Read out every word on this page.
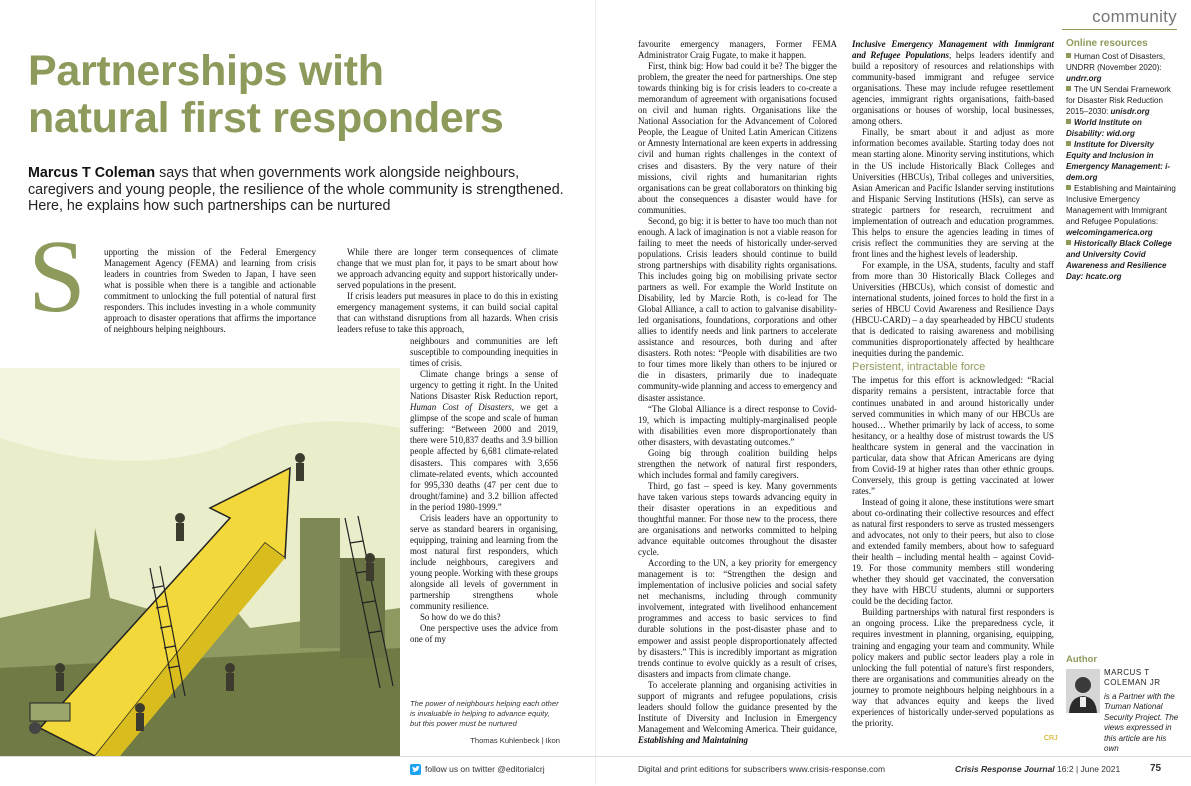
Partnerships with
natural first responders
Marcus T Coleman says that when governments work alongside neighbours, caregivers and young people, the resilience of the whole community is strengthened. Here, he explains how such partnerships can be nurtured
S upporting the mission of the Federal Emergency Management Agency (FEMA) and learning from crisis leaders in countries from Sweden to Japan, I have seen what is possible when there is a tangible and actionable commitment to unlocking the full potential of natural first responders. This includes investing in a whole community approach to disaster operations that affirms the importance of neighbours helping neighbours.

While there are longer term consequences of climate change that we must plan for, it pays to be smart about how we approach advancing equity and support historically under-served populations in the present.

If crisis leaders put measures in place to do this in existing emergency management systems, it can build social capital that can withstand disruptions from all hazards. When crisis leaders refuse to take this approach,

neighbours and communities are left susceptible to compounding inequities in times of crisis.

Climate change brings a sense of urgency to getting it right. In the United Nations Disaster Risk Reduction report, Human Cost of Disasters, we get a glimpse of the scope and scale of human suffering: “Between 2000 and 2019, there were 510,837 deaths and 3.9 billion people affected by 6,681 climate-related disasters. This compares with 3,656 climate-related events, which accounted for 995,330 deaths (47 per cent due to drought/famine) and 3.2 billion affected in the period 1980-1999.”

Crisis leaders have an opportunity to serve as standard bearers in organising, equipping, training and learning from the most natural first responders, which include neighbours, caregivers and young people. Working with these groups alongside all levels of government in partnership strengthens whole community resilience.

So how do we do this?

One perspective uses the advice from one of my

The power of neighbours helping each other is invaluable in helping to advance equity, but this power must be nurtured
Thomas Kuhlenbeck | Ikon

favourite emergency managers, Former FEMA Administrator Craig Fugate, to make it happen.

First, think big: How bad could it be? The bigger the problem, the greater the need for partnerships. One step towards thinking big is for crisis leaders to co-create a memorandum of agreement with organisations focused on civil and human rights. Organisations like the National Association for the Advancement of Colored People, the League of United Latin American Citizens or Amnesty International are keen experts in addressing civil and human rights challenges in the context of crises and disasters. By the very nature of their missions, civil rights and humanitarian rights organisations can be great collaborators on thinking big about the consequences a disaster would have for communities.

Second, go big: it is better to have too much than not enough. A lack of imagination is not a viable reason for failing to meet the needs of historically under-served populations. Crisis leaders should continue to build strong partnerships with disability rights organisations. This includes going big on mobilising private sector partners as well. For example the World Institute on Disability, led by Marcie Roth, is co-lead for The Global Alliance, a call to action to galvanise disability-led organisations, foundations, corporations and other allies to identify needs and link partners to accelerate assistance and resources, both during and after disasters. Roth notes: “People with disabilities are two to four times more likely than others to be injured or die in disasters, primarily due to inadequate community-wide planning and access to emergency and disaster assistance.

“The Global Alliance is a direct response to Covid-19, which is impacting multiply-marginalised people with disabilities even more disproportionately than other disasters, with devastating outcomes.”

Going big through coalition building helps strengthen the network of natural first responders, which includes formal and family caregivers.

Third, go fast – speed is key. Many governments have taken various steps towards advancing equity in their disaster operations in an expeditious and thoughtful manner. For those new to the process, there are organisations and networks committed to helping advance equitable outcomes throughout the disaster cycle.

According to the UN, a key priority for emergency management is to: “Strengthen the design and implementation of inclusive policies and social safety net mechanisms, including through community involvement, integrated with livelihood enhancement programmes and access to basic services to find durable solutions in the post-disaster phase and to empower and assist people disproportionately affected by disasters.” This is incredibly important as migration trends continue to evolve quickly as a result of crises, disasters and impacts from climate change.

To accelerate planning and organising activities in support of migrants and refugee populations, crisis leaders should follow the guidance presented by the Institute of Diversity and Inclusion in Emergency Management and Welcoming America. Their guidance, Establishing and Maintaining

Inclusive Emergency Management with Immigrant and Refugee Populations, helps leaders identify and build a repository of resources and relationships with community-based immigrant and refugee service organisations. These may include refugee resettlement agencies, immigrant rights organisations, faith-based organisations or houses of worship, local businesses, among others.

Finally, be smart about it and adjust as more information becomes available. Starting today does not mean starting alone. Minority serving institutions, which in the US include Historically Black Colleges and Universities (HBCUs), Tribal colleges and universities, Asian American and Pacific Islander serving institutions and Hispanic Serving Institutions (HSIs), can serve as strategic partners for research, recruitment and implementation of outreach and education programmes. This helps to ensure the agencies leading in times of crisis reflect the communities they are serving at the front lines and the highest levels of leadership.

For example, in the USA, students, faculty and staff from more than 30 Historically Black Colleges and Universities (HBCUs), which consist of domestic and international students, joined forces to hold the first in a series of HBCU Covid Awareness and Resilience Days (HBCU-CARD) – a day spearheaded by HBCU students that is dedicated to raising awareness and mobilising communities disproportionately affected by healthcare inequities during the pandemic.

Persistent, intractable force

The impetus for this effort is acknowledged: “Racial disparity remains a persistent, intractable force that continues unabated in and around historically under served communities in which many of our HBCUs are housed… Whether primarily by lack of access, to some hesitancy, or a healthy dose of mistrust towards the US healthcare system in general and the vaccination in particular, data show that African Americans are dying from Covid-19 at higher rates than other ethnic groups. Conversely, this group is getting vaccinated at lower rates.”

Instead of going it alone, these institutions were smart about co-ordinating their collective resources and effect as natural first responders to serve as trusted messengers and advocates, not only to their peers, but also to close and extended family members, about how to safeguard their health – including mental health – against Covid-19. For those community members still wondering whether they should get vaccinated, the conversation they have with HBCU students, alumni or supporters could be the deciding factor.

Building partnerships with natural first responders is an ongoing process. Like the preparedness cycle, it requires investment in planning, organising, equipping, training and engaging your team and community. While policy makers and public sector leaders play a role in unlocking the full potential of nature's first responders, there are organisations and communities already on the journey to promote neighbours helping neighbours in a way that advances equity and keeps the lived experiences of historically under-served populations as the priority.

community
Online resources
Human Cost of Disasters, UNDRR (November 2020): undrr.org
The UN Sendai Framework for Disaster Risk Reduction 2015–2030: unisdr.org
World Institute on Disability: wid.org
Institute for Diversity Equity and Inclusion in Emergency Management: i-dem.org
Establishing and Maintaining Inclusive Emergency Management with Immigrant and Refugee Populations: welcomingamerica.org
Historically Black College and University Covid Awareness and Resilience Day: hcatc.org
Author
MARCUS T COLEMAN JR
is a Partner with the Truman National Security Project. The views expressed in this article are his own
CRJ
follow us on twitter @editorialcrj	Digital and print editions for subscribers www.crisis-response.com	Crisis Response Journal 16:2 | June 2021	75
